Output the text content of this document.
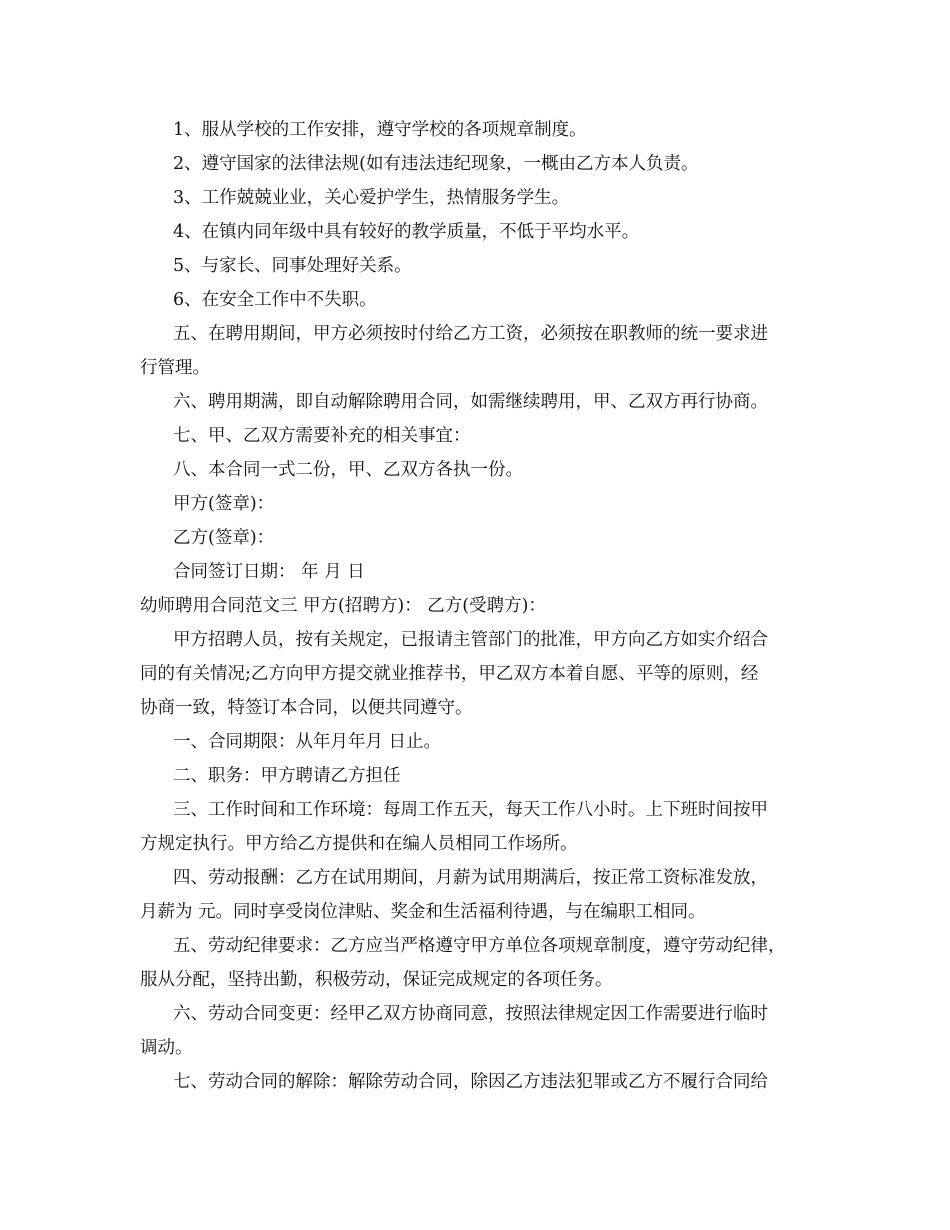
1、服从学校的工作安排，遵守学校的各项规章制度。
2、遵守国家的法律法规(如有违法违纪现象，一概由乙方本人负责。
3、工作兢兢业业，关心爱护学生，热情服务学生。
4、在镇内同年级中具有较好的教学质量，不低于平均水平。
5、与家长、同事处理好关系。
6、在安全工作中不失职。
五、在聘用期间，甲方必须按时付给乙方工资，必须按在职教师的统一要求进
行管理。
六、聘用期满，即自动解除聘用合同，如需继续聘用，甲、乙双方再行协商。
七、甲、乙双方需要补充的相关事宜：
八、本合同一式二份，甲、乙双方各执一份。
甲方(签章)：
乙方(签章)：
合同签订日期： 年 月 日
幼师聘用合同范文三 甲方(招聘方)： 乙方(受聘方)：
甲方招聘人员，按有关规定，已报请主管部门的批准，甲方向乙方如实介绍合
同的有关情况;乙方向甲方提交就业推荐书，甲乙双方本着自愿、平等的原则，经
协商一致，特签订本合同，以便共同遵守。
一、合同期限：从年月年月 日止。
二、职务：甲方聘请乙方担任
三、工作时间和工作环境：每周工作五天，每天工作八小时。上下班时间按甲
方规定执行。甲方给乙方提供和在编人员相同工作场所。
四、劳动报酬：乙方在试用期间，月薪为试用期满后，按正常工资标准发放，
月薪为 元。同时享受岗位津贴、奖金和生活福利待遇，与在编职工相同。
五、劳动纪律要求：乙方应当严格遵守甲方单位各项规章制度，遵守劳动纪律，
服从分配，坚持出勤，积极劳动，保证完成规定的各项任务。
六、劳动合同变更：经甲乙双方协商同意，按照法律规定因工作需要进行临时
调动。
七、劳动合同的解除：解除劳动合同，除因乙方违法犯罪或乙方不履行合同给
